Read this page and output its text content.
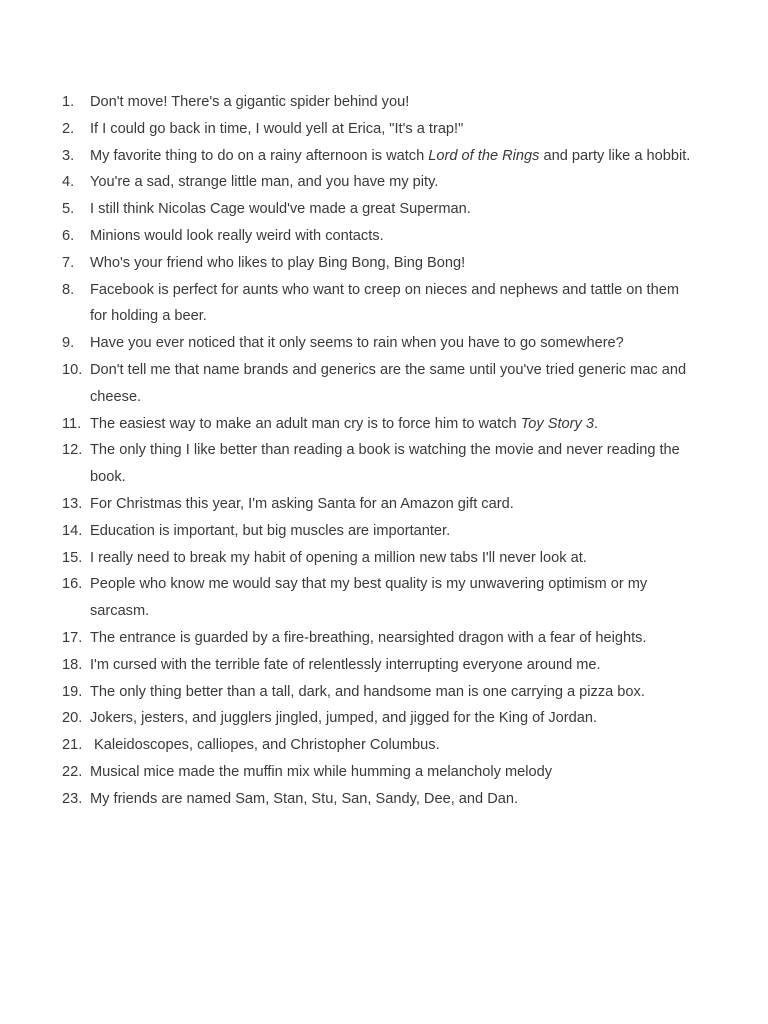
1.	Don't move! There's a gigantic spider behind you!
2.	If I could go back in time, I would yell at Erica, "It's a trap!"
3.	My favorite thing to do on a rainy afternoon is watch Lord of the Rings and party like a hobbit.
4.	You're a sad, strange little man, and you have my pity.
5.	I still think Nicolas Cage would've made a great Superman.
6.	Minions would look really weird with contacts.
7.	Who's your friend who likes to play Bing Bong, Bing Bong!
8.	Facebook is perfect for aunts who want to creep on nieces and nephews and tattle on them for holding a beer.
9.	Have you ever noticed that it only seems to rain when you have to go somewhere?
10. Don't tell me that name brands and generics are the same until you've tried generic mac and cheese.
11. The easiest way to make an adult man cry is to force him to watch Toy Story 3.
12. The only thing I like better than reading a book is watching the movie and never reading the book.
13. For Christmas this year, I'm asking Santa for an Amazon gift card.
14. Education is important, but big muscles are importanter.
15. I really need to break my habit of opening a million new tabs I'll never look at.
16. People who know me would say that my best quality is my unwavering optimism or my sarcasm.
17. The entrance is guarded by a fire-breathing, nearsighted dragon with a fear of heights.
18. I'm cursed with the terrible fate of relentlessly interrupting everyone around me.
19. The only thing better than a tall, dark, and handsome man is one carrying a pizza box.
20. Jokers, jesters, and jugglers jingled, jumped, and jigged for the King of Jordan.
21. Kaleidoscopes, calliopes, and Christopher Columbus.
22. Musical mice made the muffin mix while humming a melancholy melody
23. My friends are named Sam, Stan, Stu, San, Sandy, Dee, and Dan.
